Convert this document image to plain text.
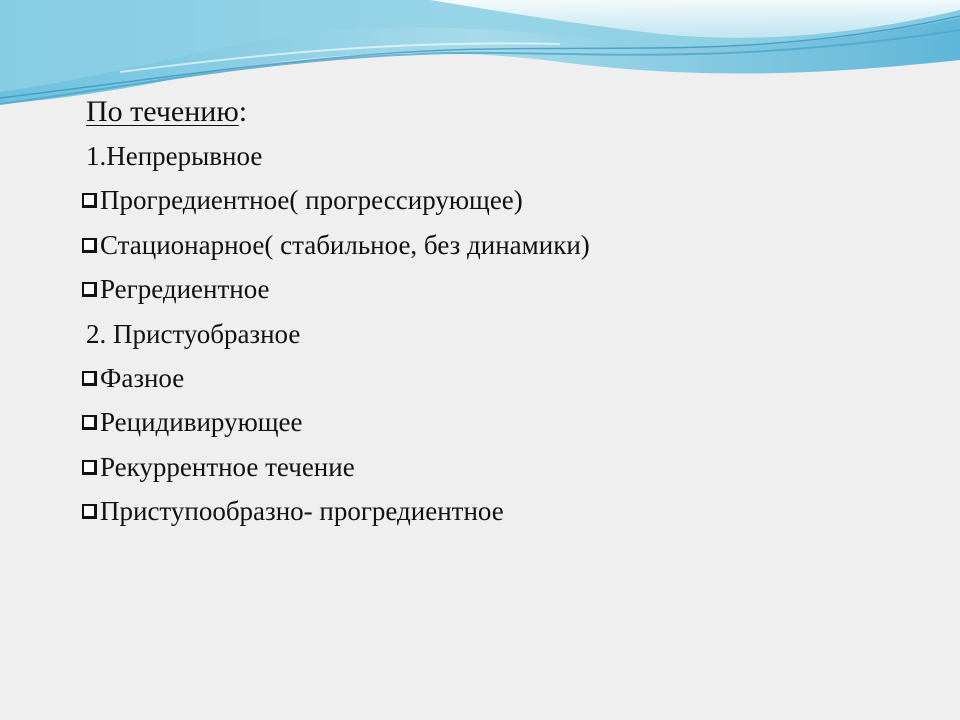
По течению:
1.Непрерывное
Прогредиентное( прогрессирующее)
Стационарное( стабильное, без динамики)
Регредиентное
2. Пристуобразное
Фазное
Рецидивирующее
Рекуррентное течение
Приступообразно- прогредиентное
